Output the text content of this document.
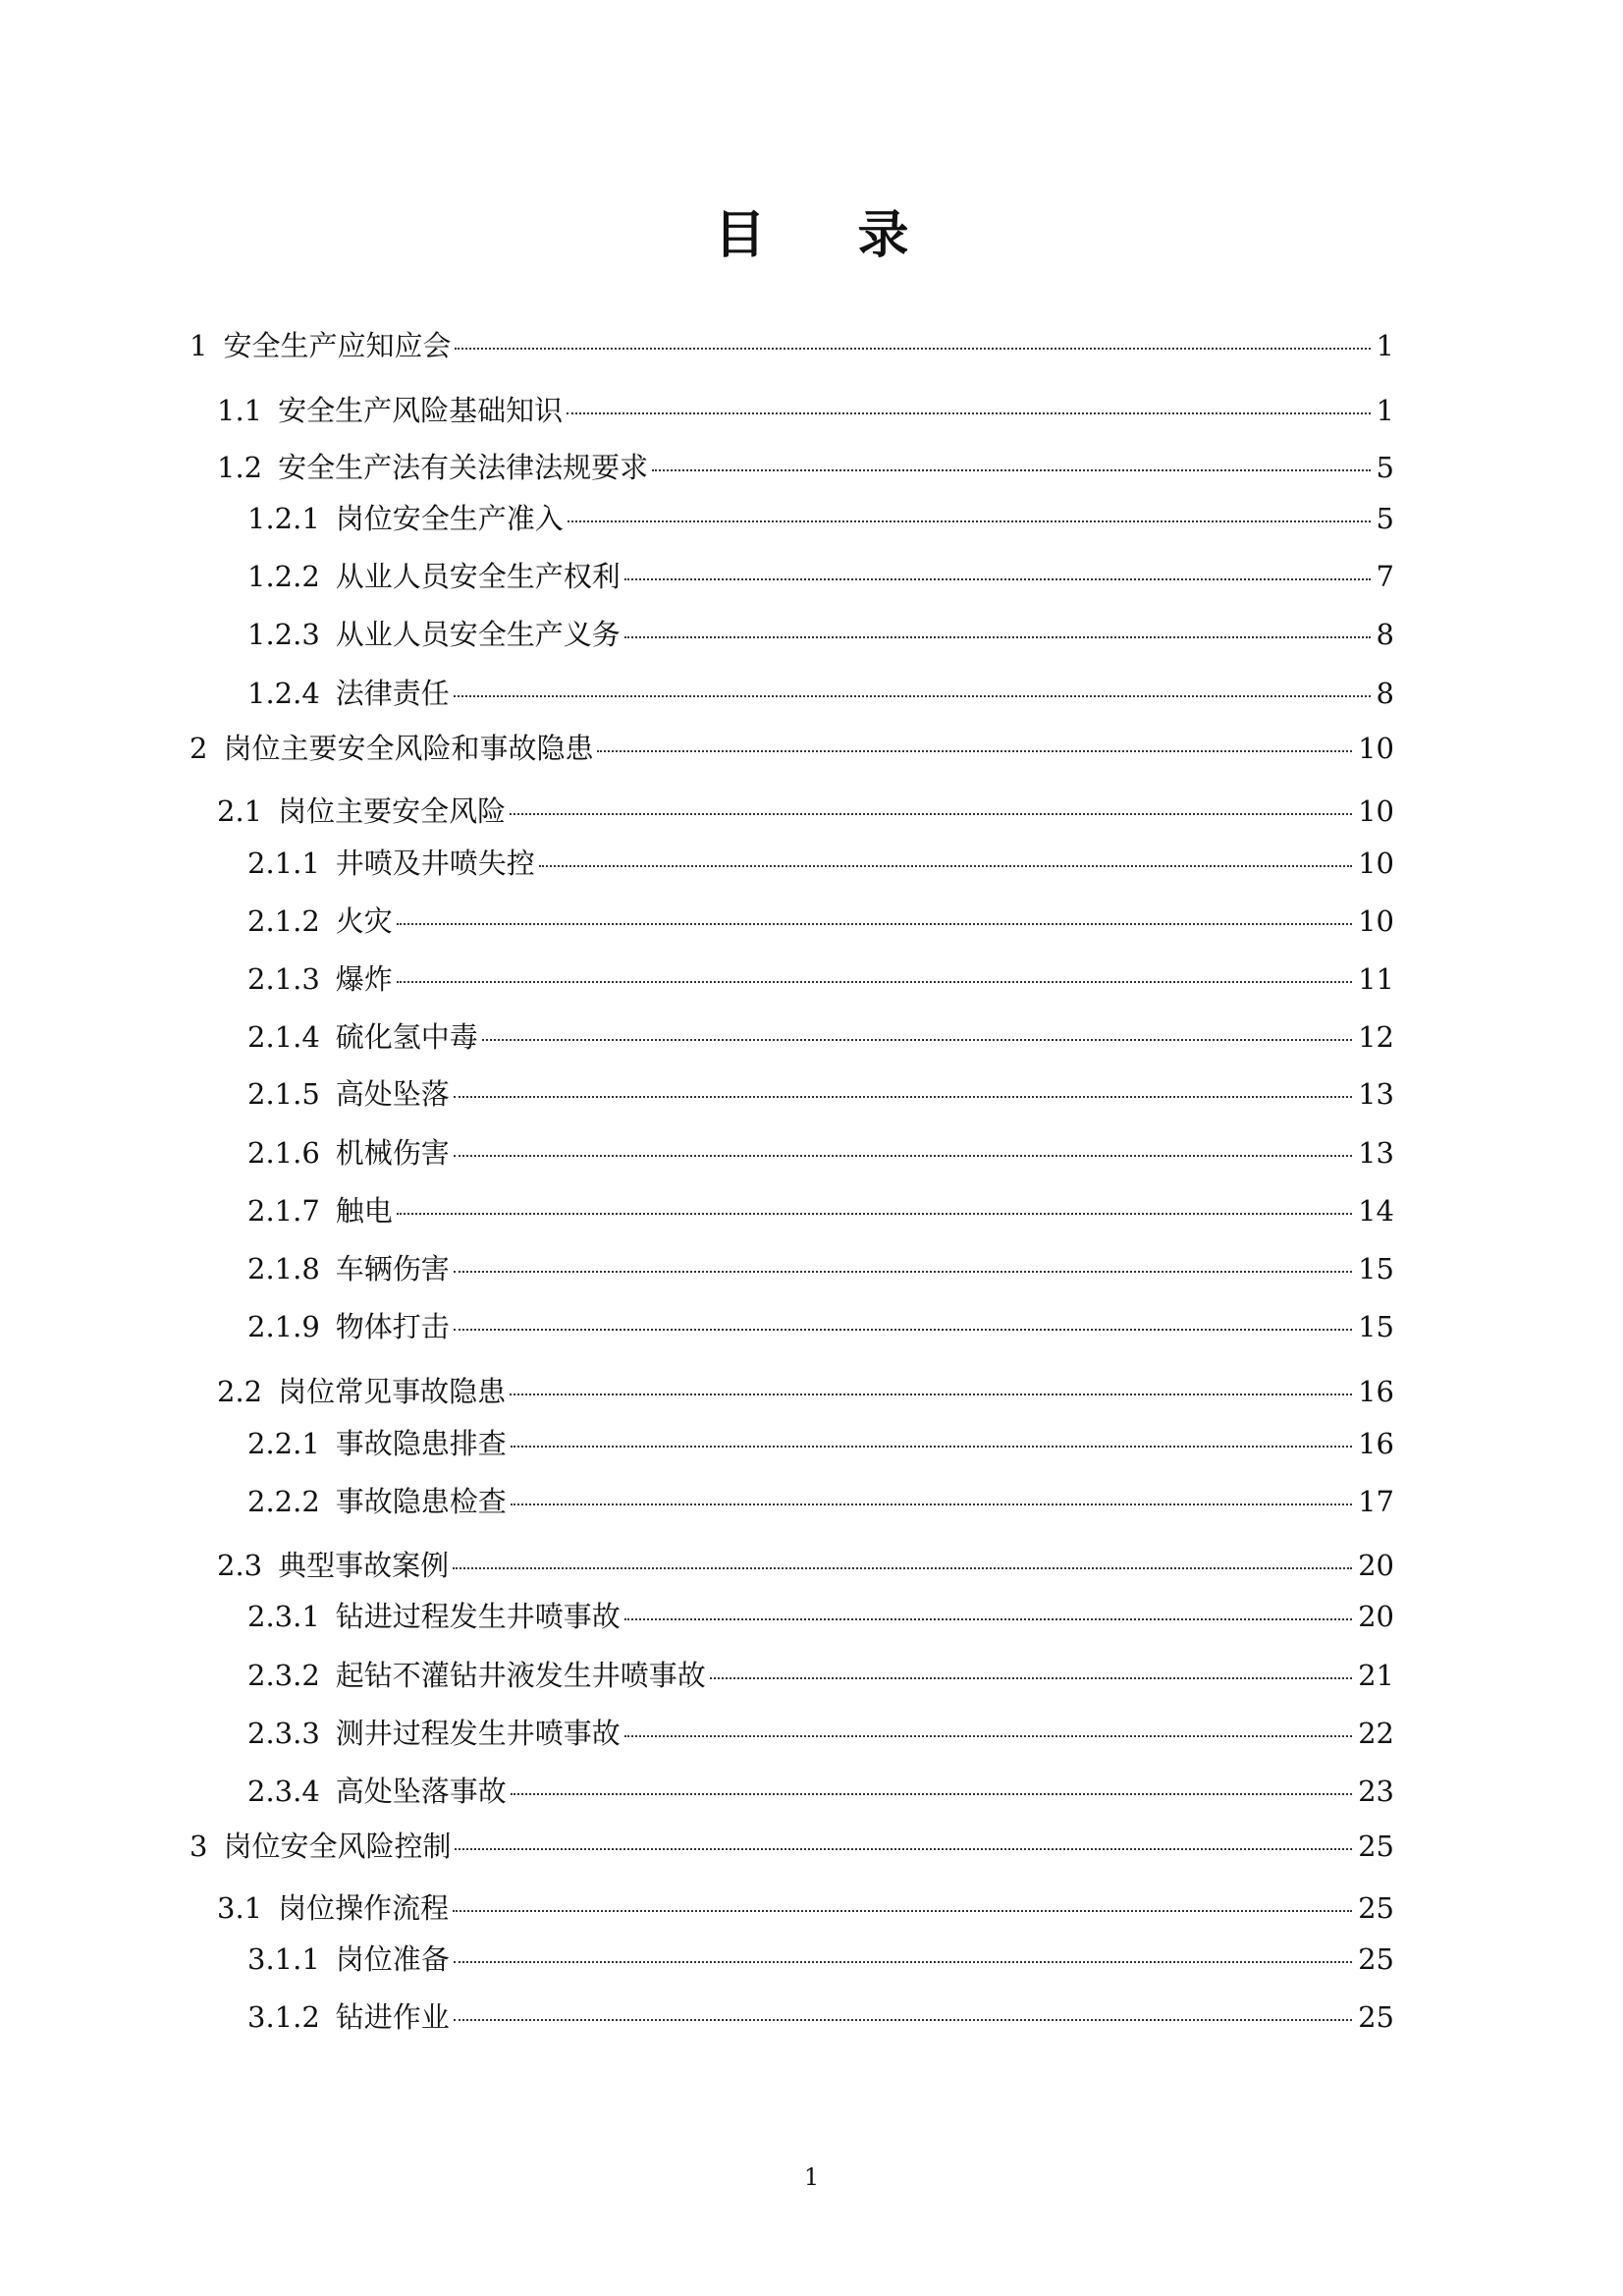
目 录
1 安全生产应知应会	1
1.1 安全生产风险基础知识	1
1.2 安全生产法有关法律法规要求	5
1.2.1 岗位安全生产准入	5
1.2.2 从业人员安全生产权利	7
1.2.3 从业人员安全生产义务	8
1.2.4 法律责任	8
2 岗位主要安全风险和事故隐患	10
2.1 岗位主要安全风险	10
2.1.1 井喷及井喷失控	10
2.1.2 火灾	10
2.1.3 爆炸	11
2.1.4 硫化氢中毒	12
2.1.5 高处坠落	13
2.1.6 机械伤害	13
2.1.7 触电	14
2.1.8 车辆伤害	15
2.1.9 物体打击	15
2.2 岗位常见事故隐患	16
2.2.1 事故隐患排查	16
2.2.2 事故隐患检查	17
2.3 典型事故案例	20
2.3.1 钻进过程发生井喷事故	20
2.3.2 起钻不灌钻井液发生井喷事故	21
2.3.3 测井过程发生井喷事故	22
2.3.4 高处坠落事故	23
3 岗位安全风险控制	25
3.1 岗位操作流程	25
3.1.1 岗位准备	25
3.1.2 钻进作业	25
1
